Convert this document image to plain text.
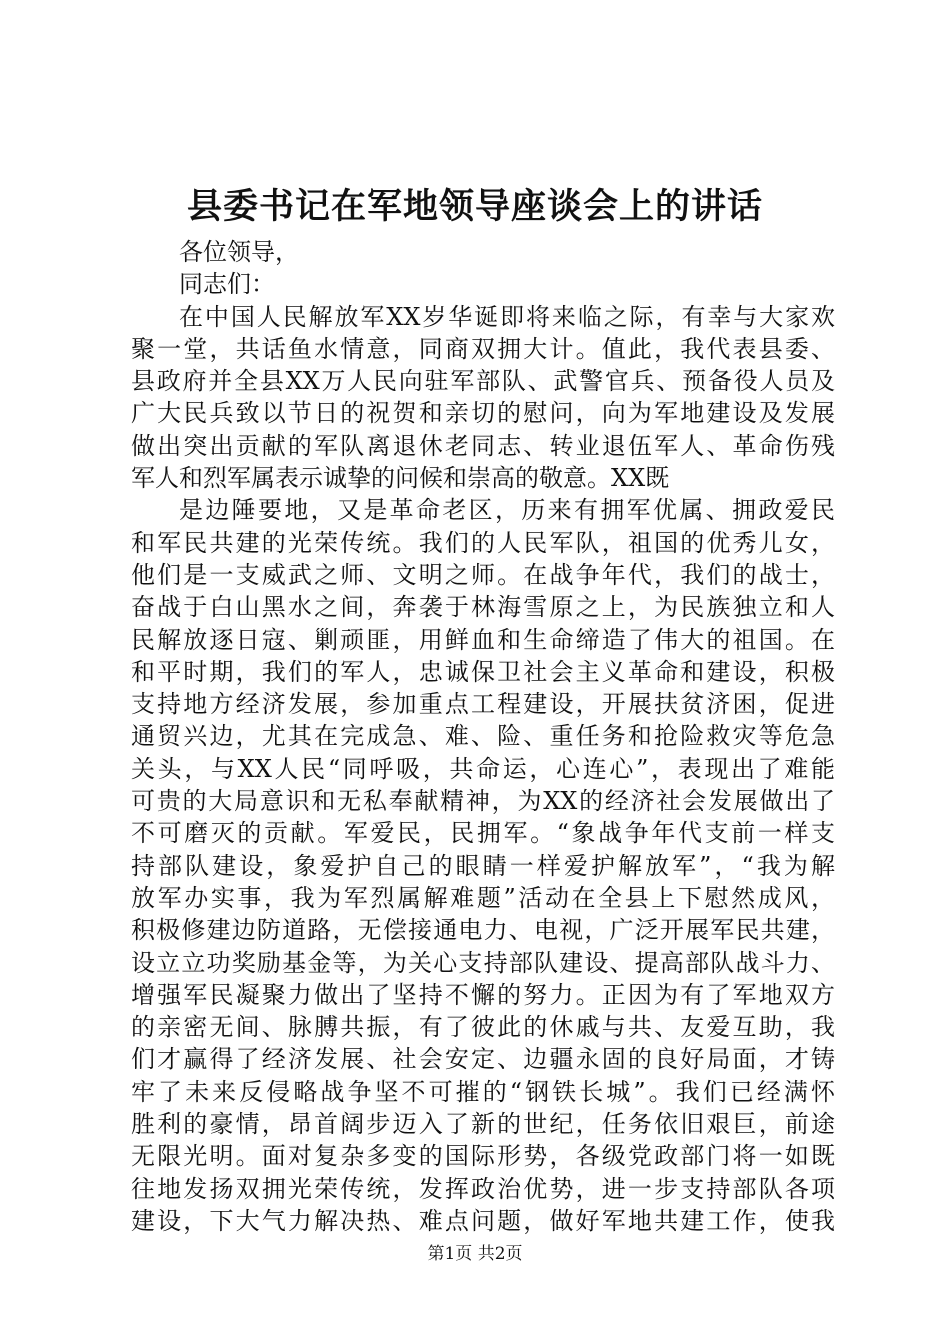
县委书记在军地领导座谈会上的讲话
各位领导，
同志们：
在中国人民解放军XX岁华诞即将来临之际，有幸与大家欢
聚一堂，共话鱼水情意，同商双拥大计。值此，我代表县委、
县政府并全县XX万人民向驻军部队、武警官兵、预备役人员及
广大民兵致以节日的祝贺和亲切的慰问，向为军地建设及发展
做出突出贡献的军队离退休老同志、转业退伍军人、革命伤残
军人和烈军属表示诚挚的问候和崇高的敬意。XX既
是边陲要地，又是革命老区，历来有拥军优属、拥政爱民
和军民共建的光荣传统。我们的人民军队，祖国的优秀儿女，
他们是一支威武之师、文明之师。在战争年代，我们的战士，
奋战于白山黑水之间，奔袭于林海雪原之上，为民族独立和人
民解放逐日寇、剿顽匪，用鲜血和生命缔造了伟大的祖国。在
和平时期，我们的军人，忠诚保卫社会主义革命和建设，积极
支持地方经济发展，参加重点工程建设，开展扶贫济困，促进
通贸兴边，尤其在完成急、难、险、重任务和抢险救灾等危急
关头，与XX人民“同呼吸，共命运，心连心”，表现出了难能
可贵的大局意识和无私奉献精神，为XX的经济社会发展做出了
不可磨灭的贡献。军爱民，民拥军。“象战争年代支前一样支
持部队建设，象爱护自己的眼睛一样爱护解放军”，“我为解
放军办实事，我为军烈属解难题”活动在全县上下慰然成风，
积极修建边防道路，无偿接通电力、电视，广泛开展军民共建，
设立立功奖励基金等，为关心支持部队建设、提高部队战斗力、
增强军民凝聚力做出了坚持不懈的努力。正因为有了军地双方
的亲密无间、脉膊共振，有了彼此的休戚与共、友爱互助，我
们才赢得了经济发展、社会安定、边疆永固的良好局面，才铸
牢了未来反侵略战争坚不可摧的“钢铁长城”。我们已经满怀
胜利的豪情，昂首阔步迈入了新的世纪，任务依旧艰巨，前途
无限光明。面对复杂多变的国际形势，各级党政部门将一如既
往地发扬双拥光荣传统，发挥政治优势，进一步支持部队各项
建设，下大气力解决热、难点问题，做好军地共建工作，使我
第1页 共2页
